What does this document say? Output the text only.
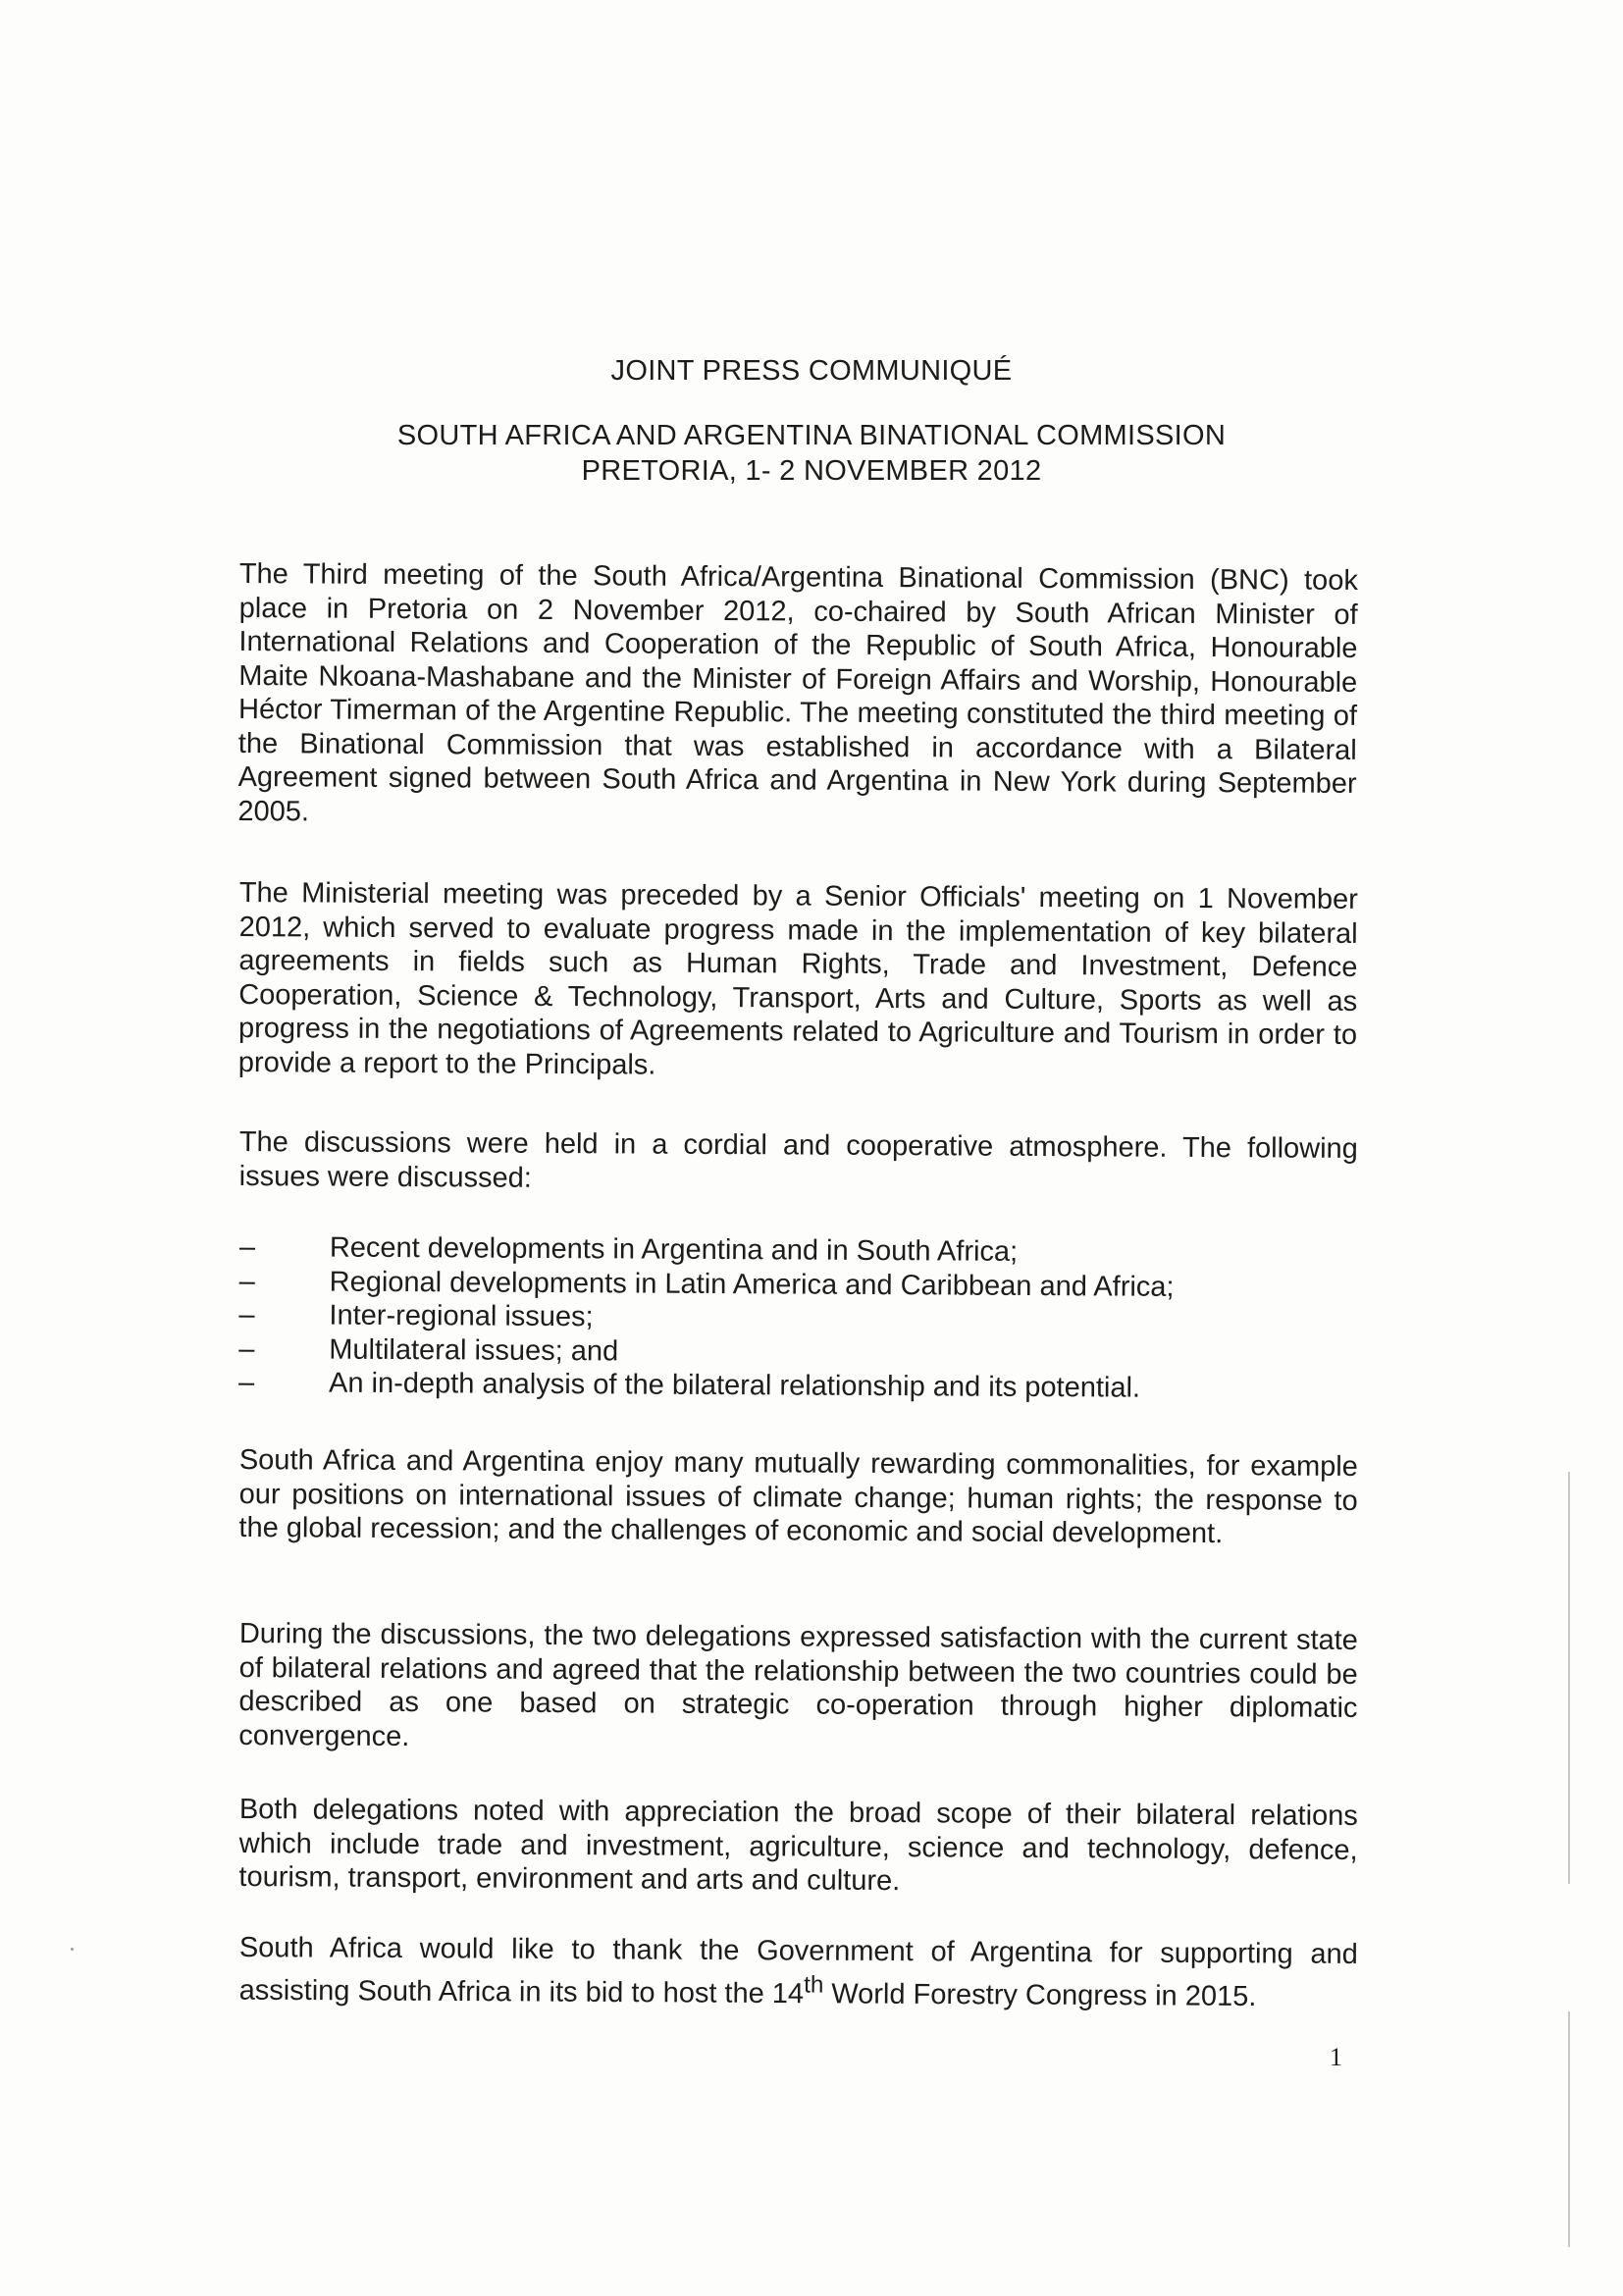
JOINT PRESS COMMUNIQUÉ
SOUTH AFRICA AND ARGENTINA BINATIONAL COMMISSION
PRETORIA, 1- 2 NOVEMBER 2012

The Third meeting of the South Africa/Argentina Binational Commission (BNC) took place in Pretoria on 2 November 2012, co-chaired by South African Minister of International Relations and Cooperation of the Republic of South Africa, Honourable Maite Nkoana-Mashabane and the Minister of Foreign Affairs and Worship, Honourable Héctor Timerman of the Argentine Republic. The meeting constituted the third meeting of the Binational Commission that was established in accordance with a Bilateral Agreement signed between South Africa and Argentina in New York during September 2005.

The Ministerial meeting was preceded by a Senior Officials' meeting on 1 November 2012, which served to evaluate progress made in the implementation of key bilateral agreements in fields such as Human Rights, Trade and Investment, Defence Cooperation, Science & Technology, Transport, Arts and Culture, Sports as well as progress in the negotiations of Agreements related to Agriculture and Tourism in order to provide a report to the Principals.

The discussions were held in a cordial and cooperative atmosphere. The following issues were discussed:

–	Recent developments in Argentina and in South Africa;
–	Regional developments in Latin America and Caribbean and Africa;
–	Inter-regional issues;
–	Multilateral issues; and
–	An in-depth analysis of the bilateral relationship and its potential.

South Africa and Argentina enjoy many mutually rewarding commonalities, for example our positions on international issues of climate change; human rights; the response to the global recession; and the challenges of economic and social development.

During the discussions, the two delegations expressed satisfaction with the current state of bilateral relations and agreed that the relationship between the two countries could be described as one based on strategic co-operation through higher diplomatic convergence.

Both delegations noted with appreciation the broad scope of their bilateral relations which include trade and investment, agriculture, science and technology, defence, tourism, transport, environment and arts and culture.

South Africa would like to thank the Government of Argentina for supporting and assisting South Africa in its bid to host the 14th World Forestry Congress in 2015.

1
